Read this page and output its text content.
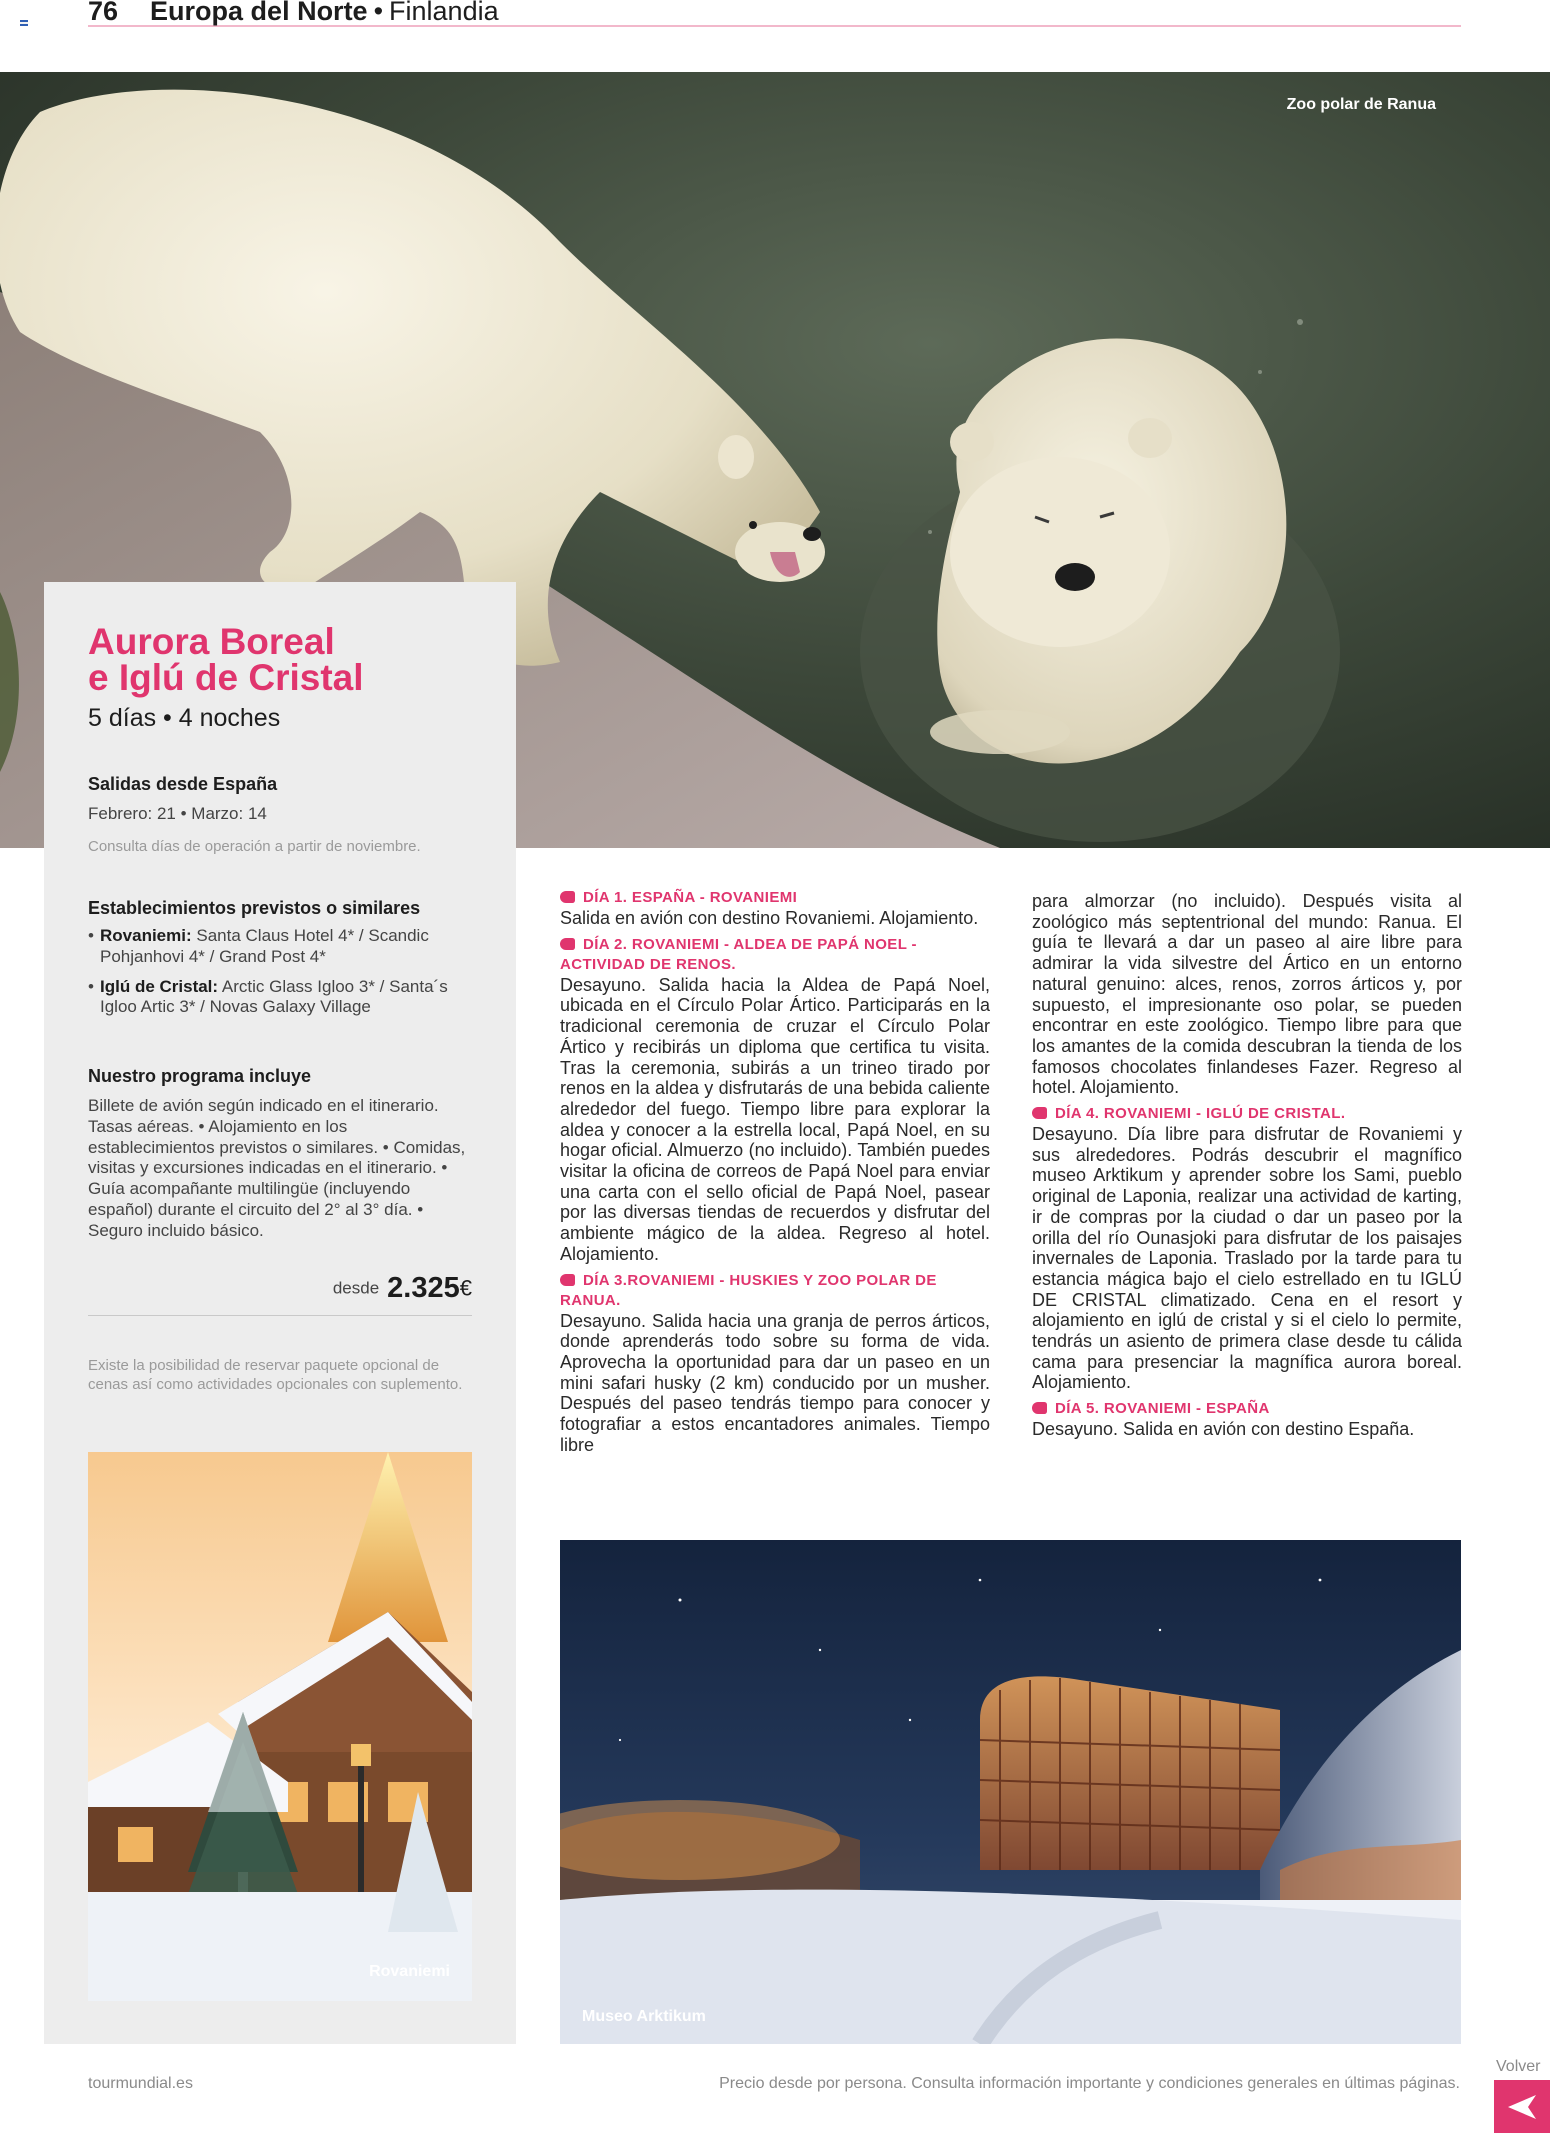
76 Europa del Norte • Finlandia
Zoo polar de Ranua
Aurora Boreal
e Iglú de Cristal
5 días • 4 noches
Salidas desde España
Febrero: 21 • Marzo: 14
Consulta días de operación a partir de noviembre.
Establecimientos previstos o similares
• Rovaniemi: Santa Claus Hotel 4* / Scandic Pohjanhovi 4* / Grand Post 4*
• Iglú de Cristal: Arctic Glass Igloo 3* / Santa´s Igloo Artic 3* / Novas Galaxy Village
Nuestro programa incluye
Billete de avión según indicado en el itinerario. Tasas aéreas. • Alojamiento en los establecimientos previstos o similares. • Comidas, visitas y excursiones indicadas en el itinerario. • Guía acompañante multilingüe (incluyendo español) durante el circuito del 2° al 3° día. • Seguro incluido básico.
desde 2.325€
Existe la posibilidad de reservar paquete opcional de cenas así como actividades opcionales con suplemento.
Rovaniemi
DÍA 1. ESPAÑA - ROVANIEMI
Salida en avión con destino Rovaniemi. Alojamiento.
DÍA 2. ROVANIEMI - ALDEA DE PAPÁ NOEL - ACTIVIDAD DE RENOS.
Desayuno. Salida hacia la Aldea de Papá Noel, ubicada en el Círculo Polar Ártico. Participarás en la tradicional ceremonia de cruzar el Círculo Polar Ártico y recibirás un diploma que certifica tu visita. Tras la ceremonia, subirás a un trineo tirado por renos en la aldea y disfrutarás de una bebida caliente alrededor del fuego. Tiempo libre para explorar la aldea y conocer a la estrella local, Papá Noel, en su hogar oficial. Almuerzo (no incluido). También puedes visitar la oficina de correos de Papá Noel para enviar una carta con el sello oficial de Papá Noel, pasear por las diversas tiendas de recuerdos y disfrutar del ambiente mágico de la aldea. Regreso al hotel. Alojamiento.
DÍA 3.ROVANIEMI - HUSKIES Y ZOO POLAR DE RANUA.
Desayuno. Salida hacia una granja de perros árticos, donde aprenderás todo sobre su forma de vida. Aprovecha la oportunidad para dar un paseo en un mini safari husky (2 km) conducido por un musher. Después del paseo tendrás tiempo para conocer y fotografiar a estos encantadores animales. Tiempo libre
para almorzar (no incluido). Después visita al zoológico más septentrional del mundo: Ranua. El guía te llevará a dar un paseo al aire libre para admirar la vida silvestre del Ártico en un entorno natural genuino: alces, renos, zorros árticos y, por supuesto, el impresionante oso polar, se pueden encontrar en este zoológico. Tiempo libre para que los amantes de la comida descubran la tienda de los famosos chocolates finlandeses Fazer. Regreso al hotel. Alojamiento.
DÍA 4. ROVANIEMI - IGLÚ DE CRISTAL.
Desayuno. Día libre para disfrutar de Rovaniemi y sus alrededores. Podrás descubrir el magnífico museo Arktikum y aprender sobre los Sami, pueblo original de Laponia, realizar una actividad de karting, ir de compras por la ciudad o dar un paseo por la orilla del río Ounasjoki para disfrutar de los paisajes invernales de Laponia. Traslado por la tarde para tu estancia mágica bajo el cielo estrellado en tu IGLÚ DE CRISTAL climatizado. Cena en el resort y alojamiento en iglú de cristal y si el cielo lo permite, tendrás un asiento de primera clase desde tu cálida cama para presenciar la magnífica aurora boreal. Alojamiento.
DÍA 5. ROVANIEMI - ESPAÑA
Desayuno. Salida en avión con destino España.
Museo Arktikum
tourmundial.es	Precio desde por persona. Consulta información importante y condiciones generales en últimas páginas.
Volver
